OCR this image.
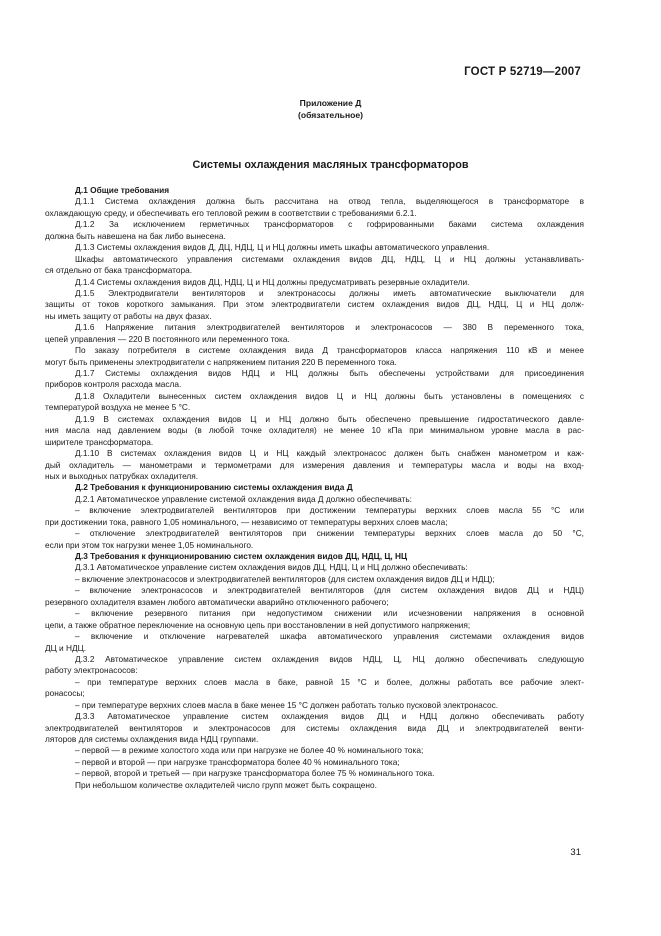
ГОСТ Р 52719—2007
Приложение Д
(обязательное)
Системы охлаждения масляных трансформаторов
Д.1 Общие требования
Д.1.1 Система охлаждения должна быть рассчитана на отвод тепла, выделяющегося в трансформаторе в
охлаждающую среду, и обеспечивать его тепловой режим в соответствии с требованиями 6.2.1.
Д.1.2 За исключением герметичных трансформаторов с гофрированными баками система охлаждения
должна быть навешена на бак либо вынесена.
Д.1.3 Системы охлаждения видов Д, ДЦ, НДЦ, Ц и НЦ должны иметь шкафы автоматического управления.
Шкафы автоматического управления системами охлаждения видов ДЦ, НДЦ, Ц и НЦ должны устанавливать-
ся отдельно от бака трансформатора.
Д.1.4 Системы охлаждения видов ДЦ, НДЦ, Ц и НЦ должны предусматривать резервные охладители.
Д.1.5 Электродвигатели вентиляторов и электронасосы должны иметь автоматические выключатели для
защиты от токов короткого замыкания. При этом электродвигатели систем охлаждения видов ДЦ, НДЦ, Ц и НЦ долж-
ны иметь защиту от работы на двух фазах.
Д.1.6 Напряжение питания электродвигателей вентиляторов и электронасосов — 380 В переменного тока,
цепей управления — 220 В постоянного или переменного тока.
По заказу потребителя в системе охлаждения вида Д трансформаторов класса напряжения 110 кВ и менее
могут быть применены электродвигатели с напряжением питания 220 В переменного тока.
Д.1.7 Системы охлаждения видов НДЦ и НЦ должны быть обеспечены устройствами для присоединения
приборов контроля расхода масла.
Д.1.8 Охладители вынесенных систем охлаждения видов Ц и НЦ должны быть установлены в помещениях с
температурой воздуха не менее 5 °С.
Д.1.9 В системах охлаждения видов Ц и НЦ должно быть обеспечено превышение гидростатического давле-
ния масла над давлением воды (в любой точке охладителя) не менее 10 кПа при минимальном уровне масла в рас-
ширителе трансформатора.
Д.1.10 В системах охлаждения видов Ц и НЦ каждый электронасос должен быть снабжен манометром и каж-
дый охладитель — манометрами и термометрами для измерения давления и температуры масла и воды на вход-
ных и выходных патрубках охладителя.
Д.2 Требования к функционированию системы охлаждения вида Д
Д.2.1 Автоматическое управление системой охлаждения вида Д должно обеспечивать:
– включение электродвигателей вентиляторов при достижении температуры верхних слоев масла 55 °С или
при достижении тока, равного 1,05 номинального, — независимо от температуры верхних слоев масла;
– отключение электродвигателей вентиляторов при снижении температуры верхних слоев масла до 50 °С,
если при этом ток нагрузки менее 1,05 номинального.
Д.3 Требования к функционированию систем охлаждения видов ДЦ, НДЦ, Ц, НЦ
Д.3.1 Автоматическое управление систем охлаждения видов ДЦ, НДЦ, Ц и НЦ должно обеспечивать:
– включение электронасосов и электродвигателей вентиляторов (для систем охлаждения видов ДЦ и НДЦ);
– включение электронасосов и электродвигателей вентиляторов (для систем охлаждения видов ДЦ и НДЦ)
резервного охладителя взамен любого автоматически аварийно отключенного рабочего;
– включение резервного питания при недопустимом снижении или исчезновении напряжения в основной
цепи, а также обратное переключение на основную цепь при восстановлении в ней допустимого напряжения;
– включение и отключение нагревателей шкафа автоматического управления системами охлаждения видов
ДЦ и НДЦ.
Д.3.2 Автоматическое управление систем охлаждения видов НДЦ, Ц, НЦ должно обеспечивать следующую
работу электронасосов:
– при температуре верхних слоев масла в баке, равной 15 °С и более, должны работать все рабочие элект-
ронасосы;
– при температуре верхних слоев масла в баке менее 15 °С должен работать только пусковой электронасос.
Д.3.3 Автоматическое управление систем охлаждения видов ДЦ и НДЦ должно обеспечивать работу
электродвигателей вентиляторов и электронасосов для системы охлаждения вида ДЦ и электродвигателей венти-
ляторов для системы охлаждения вида НДЦ группами.
– первой — в режиме холостого хода или при нагрузке не более 40 % номинального тока;
– первой и второй — при нагрузке трансформатора более 40 % номинального тока;
– первой, второй и третьей — при нагрузке трансформатора более 75 % номинального тока.
При небольшом количестве охладителей число групп может быть сокращено.
31
